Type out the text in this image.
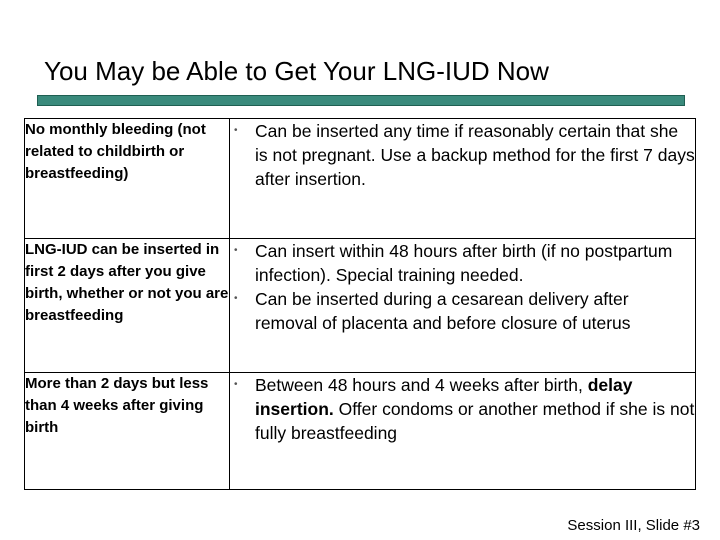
You May be Able to Get Your LNG-IUD Now
No monthly bleeding (not related to childbirth or breastfeeding)	• Can be inserted any time if reasonably certain that she is not pregnant. Use a backup method for the first 7 days after insertion.

LNG-IUD can be inserted in first 2 days after you give birth, whether or not you are breastfeeding	• Can insert within 48 hours after birth (if no postpartum infection). Special training needed.
• Can be inserted during a cesarean delivery after removal of placenta and before closure of uterus

More than 2 days but less than 4 weeks after giving birth	• Between 48 hours and 4 weeks after birth, delay insertion. Offer condoms or another method if she is not fully breastfeeding
Session III, Slide #3
